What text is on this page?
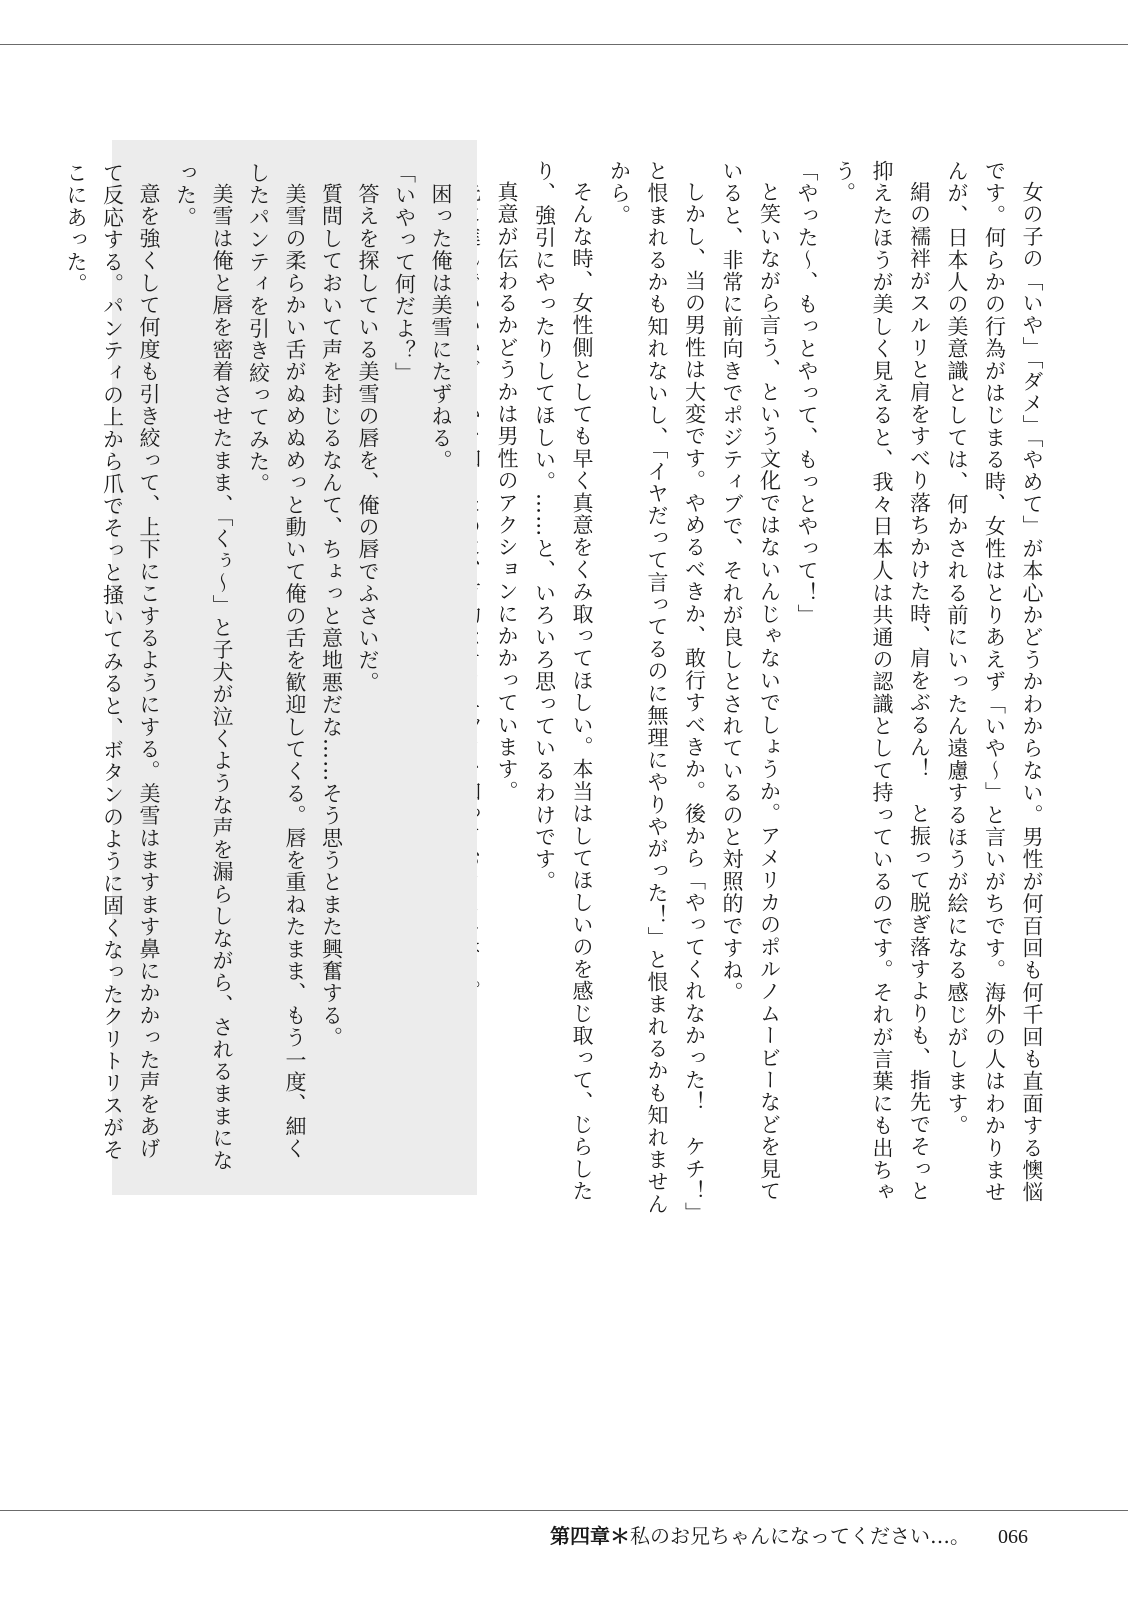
女の子の「いや」「ダメ」「やめて」が本心かどうかわからない。男性が何百回も何千回も直面する懊悩です。何らかの行為がはじまる時、女性はとりあえず「いや〜」と言いがちです。海外の人はわかりませんが、日本人の美意識としては、何かされる前にいったん遠慮するほうが絵になる感じがします。

絹の襦袢がスルリと肩をすべり落ちかけた時、肩をぶるん！　と振って脱ぎ落すよりも、指先でそっと抑えたほうが美しく見えると、我々日本人は共通の認識として持っているのです。それが言葉にも出ちゃう。

「やった〜、もっとやって、もっとやって！」

と笑いながら言う、という文化ではないんじゃないでしょうか。アメリカのポルノムービーなどを見ていると、非常に前向きでポジティブで、それが良しとされているのと対照的ですね。

しかし、当の男性は大変です。やめるべきか、敢行すべきか。後から「やってくれなかった！　ケチ！」と恨まれるかも知れないし、「イヤだって言ってるのに無理にやりやがった！」と恨まれるかも知れませんから。

そんな時、女性側としても早く真意をくみ取ってほしい。本当はしてほしいのを感じ取って、じらしたり、強引にやったりしてほしい。……と、いろいろ思っているわけです。

真意が伝わるかどうかは男性のアクションにかかっています。

困った俺は美雪にたずねる。

「いやって何だよ？」

答えを探している美雪の唇を、俺の唇でふさいだ。

質問しておいて声を封じるなんて、ちょっと意地悪だな……そう思うとまた興奮する。

美雪の柔らかい舌がぬめぬめっと動いて俺の舌を歓迎してくる。唇を重ねたまま、もう一度、細くしたパンティを引き絞ってみた。

美雪は俺と唇を密着させたまま、「くぅ〜」と子犬が泣くような声を漏らしながら、されるままになった。

意を強くして何度も引き絞って、上下にこするようにする。美雪はますます鼻にかかった声をあげて反応する。パンティの上から爪でそっと掻いてみると、ボタンのように固くなったクリトリスがそこにあった。

第四章＊ 私のお兄ちゃんになってください…。 066
